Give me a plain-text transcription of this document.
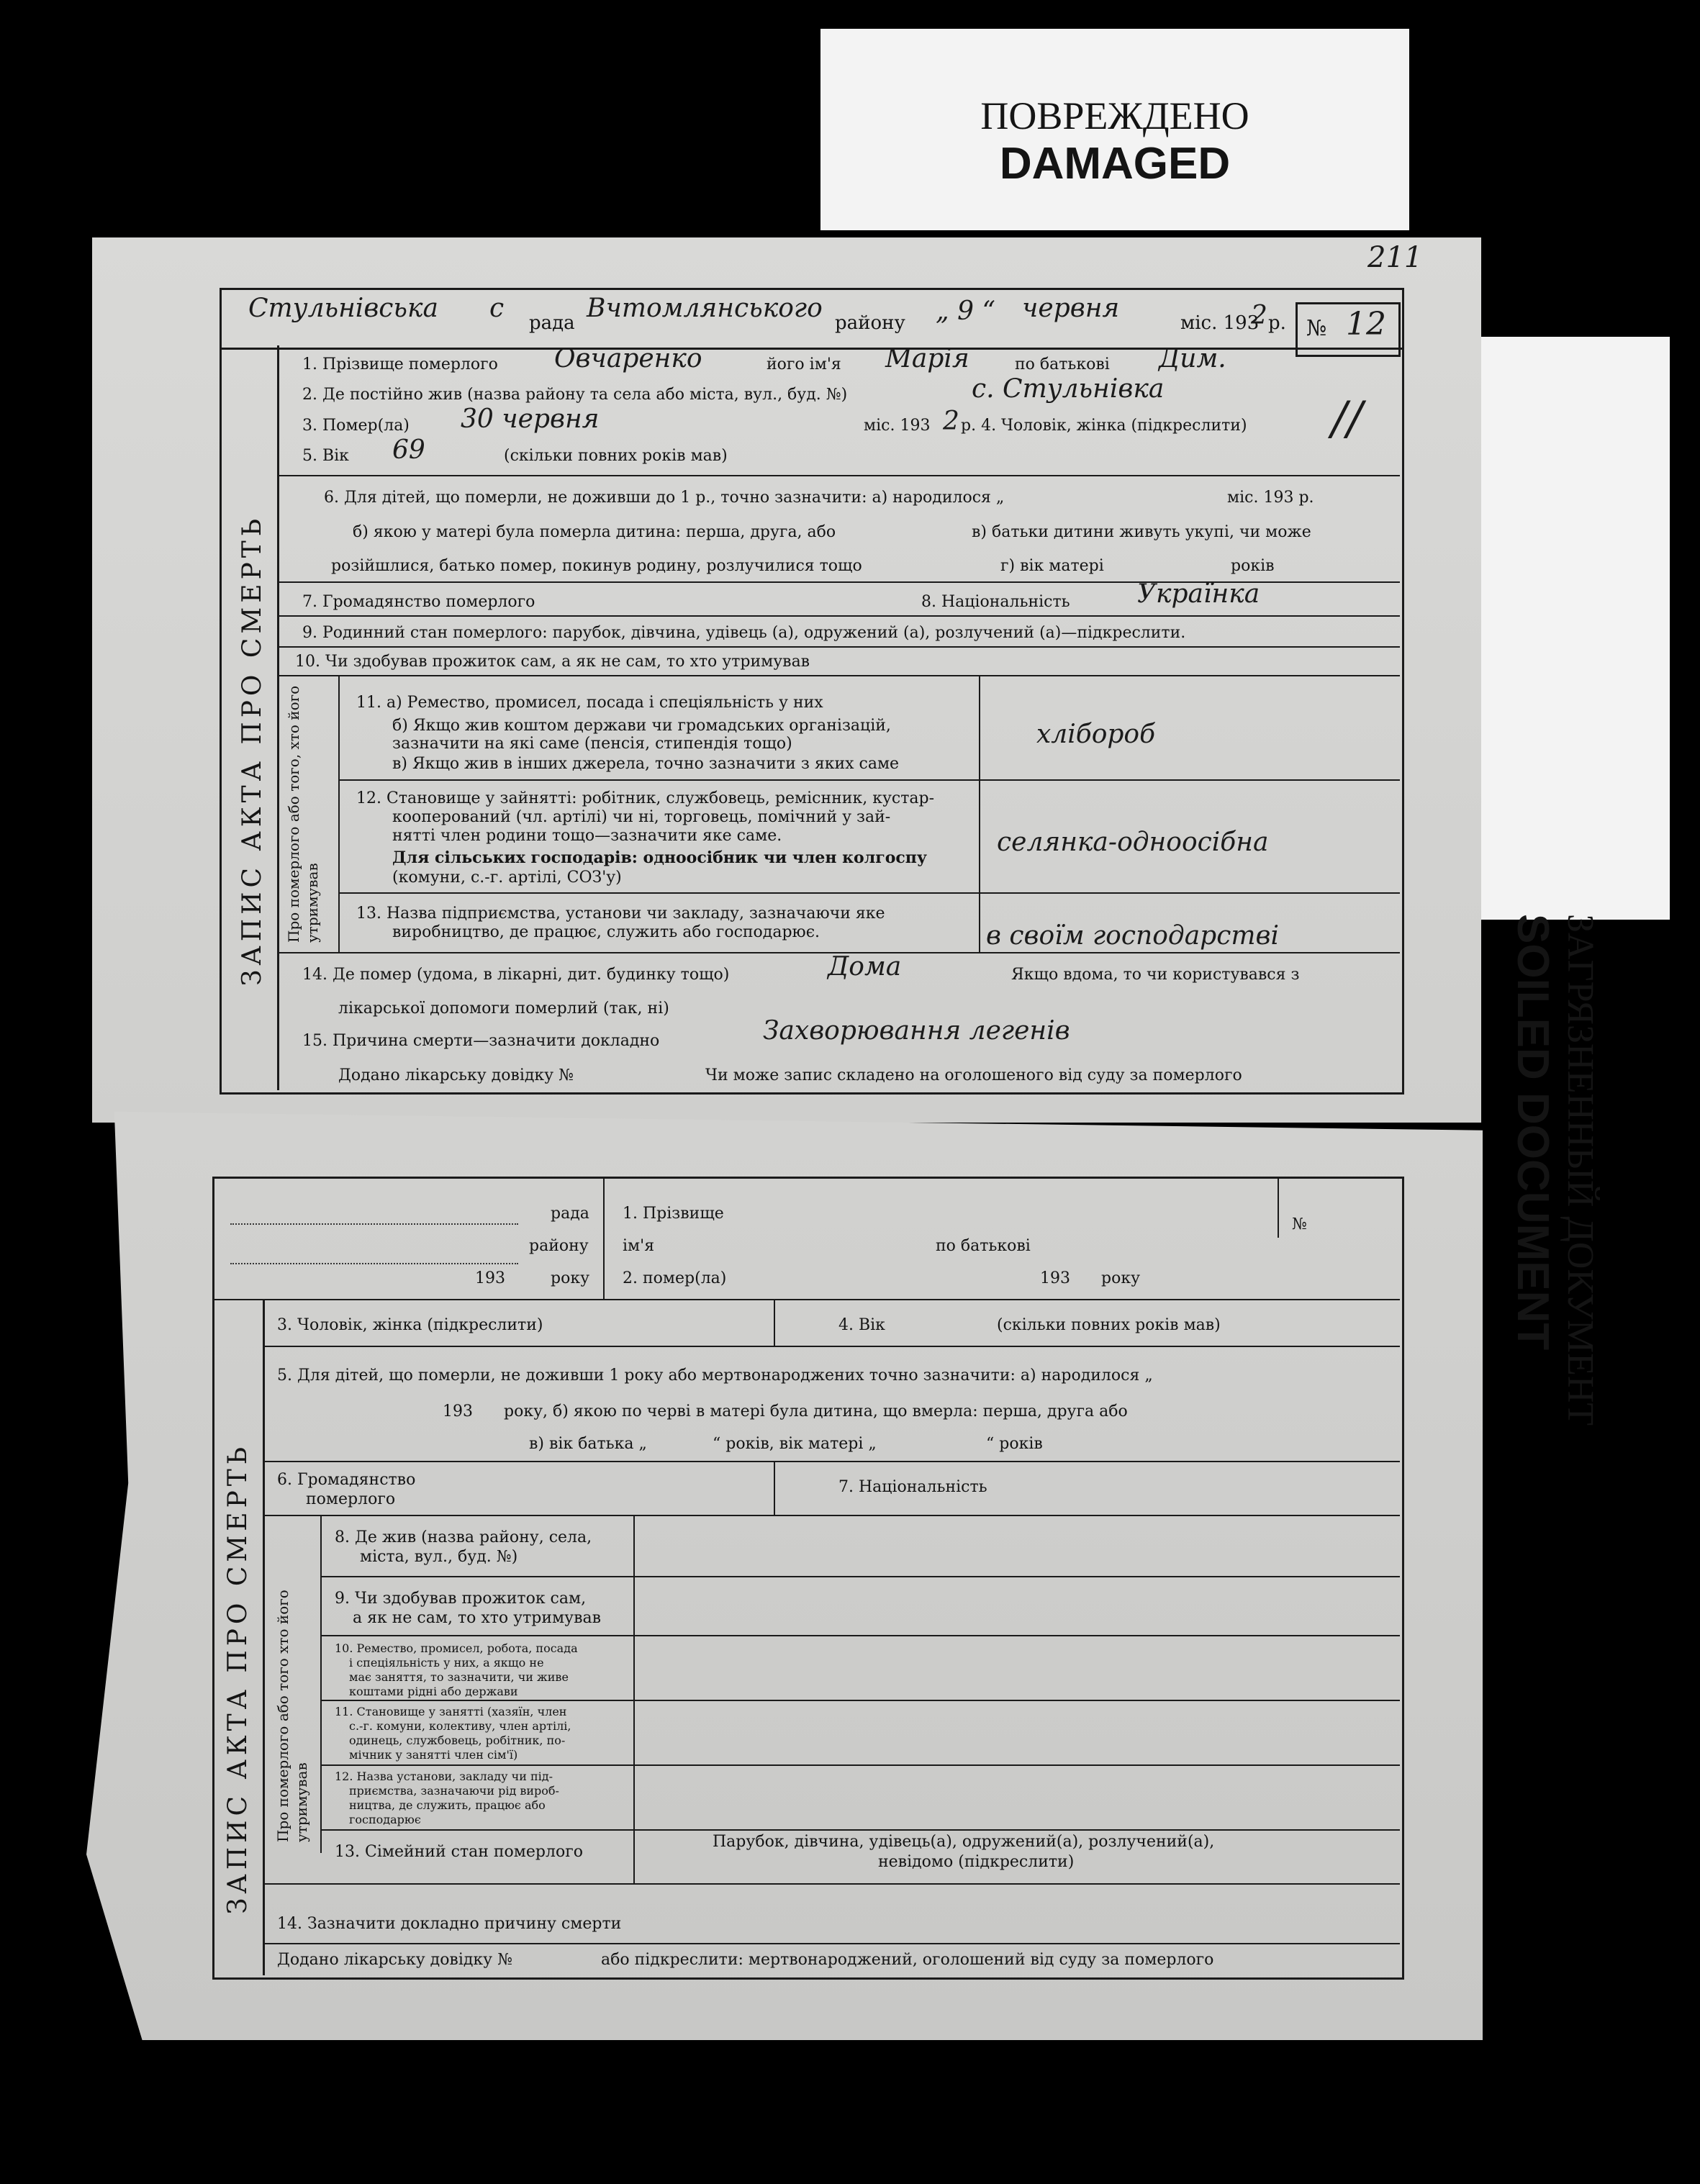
ПОВРЕЖДЕНО
DAMAGED
ЗАГРЯЗНЕННЫЙ ДОКУМЕНТ
SOILED DOCUMENT
№ 12
211
ЗАПИС АКТА ПРО СМЕРТЬ
Стульнівська с рада Вчтомлянського району „ 9 “ червня	міс. 193
2 р.
1. Прізвище померлого Овчаренко	його ім'я Марія	по батькові Дим.
2. Де постійно жив (назва району та села або міста, вул., буд. №)	с. Стульнівка
3. Помер(ла) 30 червня	міс. 193 2 р. 4. Чоловік, жінка (підкреслити) //
5. Вік 69	(скільки повних років мав)
6. Для дітей, що померли, не доживши до 1 р., точно зазначити: а) народилося „	міс. 193 р.
б) якою у матері була померла дитина: перша, друга, або	в) батьки дитини живуть укупі, чи може
розійшлися, батько помер, покинув родину, розлучилися тощо	г) вік матері	років
7. Громадянство померлого	8. Національність	Українка
9. Родинний стан померлого: парубок, дівчина, удівець (а), одружений (а), розлучений (а)—підкреслити.
10. Чи здобував прожиток сам, а як не сам, то хто утримував
Про померлого або того, хто його утримував
11. а) Ремество, промисел, посада і спеціяльність у них
б) Якщо жив коштом держави чи громадських організацій,
зазначити на які саме (пенсія, стипендія тощо)
в) Якщо жив в інших джерела, точно зазначити з яких саме
хлібороб
12. Становище у зайнятті: робітник, службовець, реміснник, кустар-
кооперований (чл. артілі) чи ні, торговець, помічний у зай-
нятті член родини тощо—зазначити яке саме.
Для сільських господарів: одноосібник чи член колгоспу
(комуни, с.-г. артілі, СОЗ'у)
селянка-одноосібна
13. Назва підприємства, установи чи закладу, зазначаючи яке
виробництво, де працює, служить або господарює.	в своїм господарстві
14. Де помер (удома, в лікарні, дит. будинку тощо)	Дома	Якщо вдома, то чи користувався з
лікарської допомоги померлий (так, ні)
15. Причина смерти—зазначити докладно	Захворювання легенів
Додано лікарську довідку №	Чи може запис складено на оголошеного від суду за померлого
ЗАПИС АКТА ПРО СМЕРТЬ
рада
району
193	року
1. Прізвище
ім'я	по батькові
№
2. помер(ла)	193 року
3. Чоловік, жінка (підкреслити)	4. Вік	(скільки повних років мав)
5. Для дітей, що померли, не доживши 1 року або мертвонароджених точно зазначити: а) народилося „
193 року, б) якою по черві в матері була дитина, що вмерла: перша, друга або
в) вік батька „	“ років, вік матері „	“ років
6. Громадянство
померлого
7. Національність
Про померлого або того хто його утримував
8. Де жив (назва району, села,
міста, вул., буд. №)
9. Чи здобував прожиток сам,
а як не сам, то хто утримував
10. Ремество, промисел, робота, посада
і спеціяльність у них, а якщо не
має заняття, то зазначити, чи живе
коштами рідні або держави
11. Становище у занятті (хазяїн, член
с.-г. комуни, колективу, член артілі,
одинець, службовець, робітник, по-
мічник у занятті член сім'ї)
12. Назва установи, закладу чи під-
приємства, зазначаючи рід вироб-
ництва, де служить, працює або
господарює
13. Сімейний стан померлого
Парубок, дівчина, удівець(а), одружений(а), розлучений(а),
невідомо (підкреслити)
14. Зазначити докладно причину смерти
Додано лікарську довідку №	або підкреслити: мертвонароджений, оголошений від суду за померлого
